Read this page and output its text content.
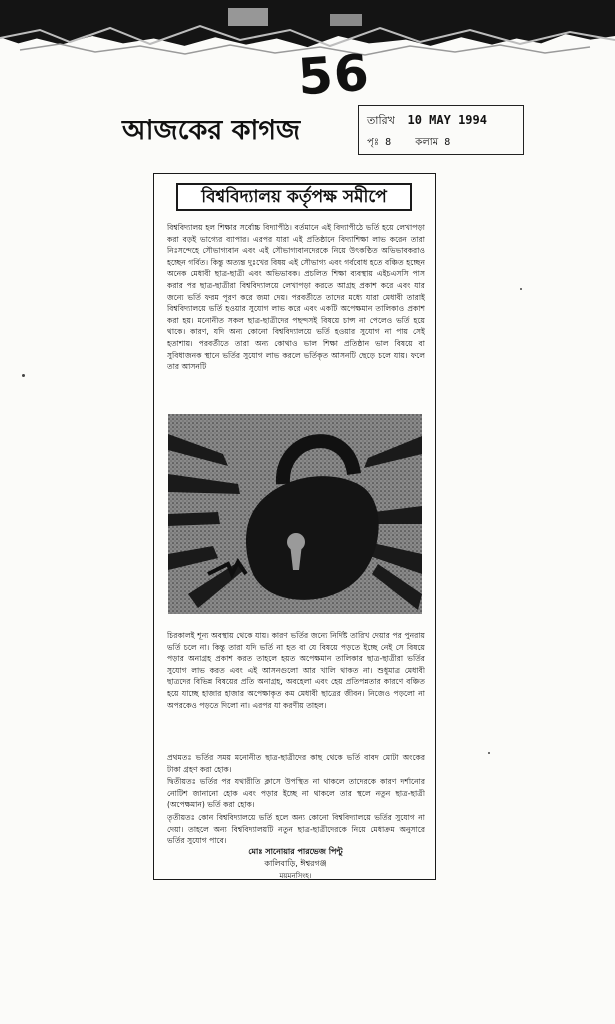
56
আজকের কাগজ	তারিখ 10 MAY 1994
পৃঃ 8 কলাম 8
বিশ্ববিদ্যালয় কর্তৃপক্ষ সমীপে

বিশ্ববিদ্যালয় হল শিক্ষার সর্বোচ্চ বিদ্যাপীঠ। বর্তমানে এই বিদ্যাপীঠে ভর্তি হয়ে লেখাপড়া করা বড়ই ভাগ্যের ব্যাপার। এরপর যারা এই প্রতিষ্ঠানে বিদ্যাশিক্ষা লাভ করেন তারা নিঃসন্দেহে সৌভাগ্যবান এবং এই সৌভাগ্যবানদেরকে নিয়ে উৎকণ্ঠিত অভিভাবকরাও হচ্ছেন গর্বিত। কিন্তু অত্যন্ত দুঃখের বিষয় এই সৌভাগ্য এবং গর্ববোধ হতে বঞ্চিত হচ্ছেন অনেক মেধাবী ছাত্র-ছাত্রী এবং অভিভাবক। প্রচলিত শিক্ষা ব্যবস্থায় এইচএসসি পাস করার পর ছাত্র-ছাত্রীরা বিশ্ববিদ্যালয়ে লেখাপড়া করতে আগ্রহ প্রকাশ করে এবং যার জন্যে ভর্তি ফরম পূরণ করে জমা দেয়। পরবর্তীতে তাদের মধ্যে যারা মেধাবী তারাই বিশ্ববিদ্যালয়ে ভর্তি হওয়ার সুযোগ লাভ করে এবং একটি অপেক্ষমান তালিকাও প্রকাশ করা হয়। মনোনীত সকল ছাত্র-ছাত্রীদের পছন্দসই বিষয়ে চান্স না পেলেও ভর্তি হয়ে থাকে। কারণ, যদি অন্য কোনো বিশ্ববিদ্যালয়ে ভর্তি হওয়ার সুযোগ না পায় সেই হতাশায়। পরবর্তীতে তারা অন্য কোথাও ভাল শিক্ষা প্রতিষ্ঠান ভাল বিষয়ে বা সুবিধাজনক স্থানে ভর্তির সুযোগ লাভ করলে ভর্তিকৃত আসনটি ছেড়ে চলে যায়। ফলে তার আসনটি

চিরকালই শূন্য অবস্থায় থেকে যায়। কারণ ভর্তির জন্যে নির্দিষ্ট তারিখ দেয়ার পর পুনরায় ভর্তি চলে না। কিন্তু তারা যদি ভর্তি না হত বা যে বিষয়ে পড়তে ইচ্ছে নেই সে বিষয়ে পড়ার অনাগ্রহ প্রকাশ করত তাহলে হয়ত অপেক্ষমান তালিকার ছাত্র-ছাত্রীরা ভর্তির সুযোগ লাভ করত এবং এই আসনগুলো আর খালি থাকত না। শুধুমাত্র মেধাবী ছাত্রদের বিভিন্ন বিষয়ের প্রতি অনাগ্রহ, অবহেলা এবং হেয় প্রতিপন্নতার কারণে বঞ্চিত হয়ে যাচ্ছে হাজার হাজার অপেক্ষাকৃত কম মেধাবী ছাত্রের জীবন। নিজেও পড়লো না অপরকেও পড়তে দিলো না। এরপর যা করণীয় তাহল।

প্রথমতঃ ভর্তির সময় মনোনীত ছাত্র-ছাত্রীদের কাছ থেকে ভর্তি বাবদ মোটা অংকের টাকা গ্রহণ করা হোক।

দ্বিতীয়তঃ ভর্তির পর যথারীতি ক্লাসে উপস্থিত না থাকলে তাদেরকে কারণ দর্শানোর নোটিশ জানানো হোক এবং পড়ার ইচ্ছে না থাকলে তার স্থলে নতুন ছাত্র-ছাত্রী (অপেক্ষমান) ভর্তি করা হোক।

তৃতীয়তঃ কোন বিশ্ববিদ্যালয়ে ভর্তি হলে অন্য কোনো বিশ্ববিদ্যালয়ে ভর্তির সুযোগ না দেয়া। তাহলে অন্য বিশ্ববিদ্যালয়টি নতুন ছাত্র-ছাত্রীদেরকে নিয়ে মেধাক্রম অনুসারে ভর্তির সুযোগ পাবে।

মোঃ সানোয়ার পারভেজ পিন্টু
কালিবাড়ি, ঈশ্বরগঞ্জ
ময়মনসিংহ।
